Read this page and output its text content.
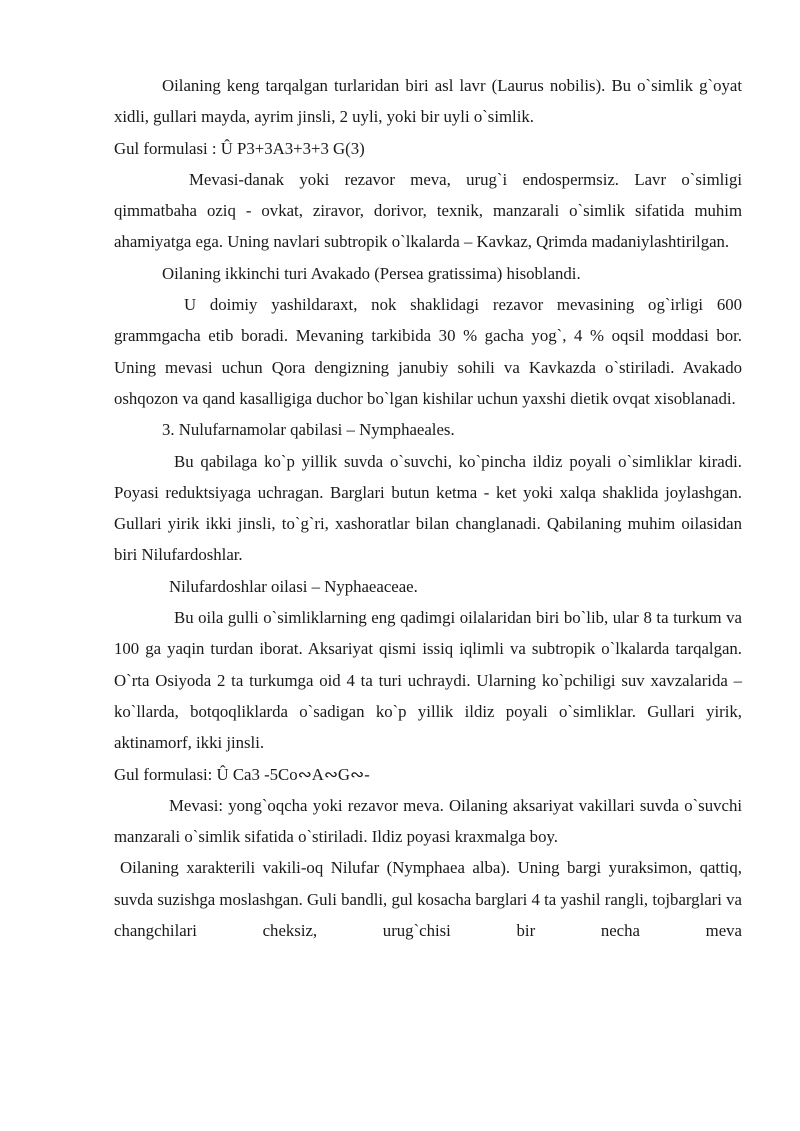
Oilaning keng tarqalgan turlaridan biri asl lavr (Laurus nobilis). Bu o`simlik g`oyat xidli, gullari mayda, ayrim jinsli, 2 uyli, yoki bir uyli o`simlik.

Gul formulasi : Û P3+3A3+3+3 G(3)

Mevasi-danak yoki rezavor meva, urug`i endospermsiz. Lavr o`simligi qimmatbaha oziq - ovkat, ziravor, dorivor, texnik, manzarali o`simlik sifatida muhim ahamiyatga ega. Uning navlari subtropik o`lkalarda – Kavkaz, Qrimda madaniylashtirilgan.

Oilaning ikkinchi turi Avakado (Persea gratissima) hisoblandi.

U doimiy yashildaraxt, nok shaklidagi rezavor mevasining og`irligi 600 grammgacha etib boradi. Mevaning tarkibida 30 % gacha yog`, 4 % oqsil moddasi bor. Uning mevasi uchun Qora dengizning janubiy sohili va Kavkazda o`stiriladi. Avakado oshqozon va qand kasalligiga duchor bo`lgan kishilar uchun yaxshi dietik ovqat xisoblanadi.

3. Nulufarnamolar qabilasi – Nymphaeales.

Bu qabilaga ko`p yillik suvda o`suvchi, ko`pincha ildiz poyali o`simliklar kiradi. Poyasi reduktsiyaga uchragan. Barglari butun ketma - ket yoki xalqa shaklida joylashgan. Gullari yirik ikki jinsli, to`g`ri, xashoratlar bilan changlanadi. Qabilaning muhim oilasidan biri Nilufardoshlar.

Nilufardoshlar oilasi – Nyphaeaceae.

Bu oila gulli o`simliklarning eng qadimgi oilalaridan biri bo`lib, ular 8 ta turkum va 100 ga yaqin turdan iborat. Aksariyat qismi issiq iqlimli va subtropik o`lkalarda tarqalgan. O`rta Osiyoda 2 ta turkumga oid 4 ta turi uchraydi. Ularning ko`pchiligi suv xavzalarida – ko`llarda, botqoqliklarda o`sadigan ko`p yillik ildiz poyali o`simliklar. Gullari yirik, aktinamorf, ikki jinsli.

Gul formulasi: Û Ca3 -5Co∾A∾G∾-

Mevasi: yong`oqcha yoki rezavor meva. Oilaning aksariyat vakillari suvda o`suvchi manzarali o`simlik sifatida o`stiriladi. Ildiz poyasi kraxmalga boy.

Oilaning xarakterili vakili-oq Nilufar (Nymphaea alba). Uning bargi yuraksimon, qattiq, suvda suzishga moslashgan. Guli bandli, gul kosacha barglari 4 ta yashil rangli, tojbarglari va changchilari cheksiz, urug`chisi bir necha meva
